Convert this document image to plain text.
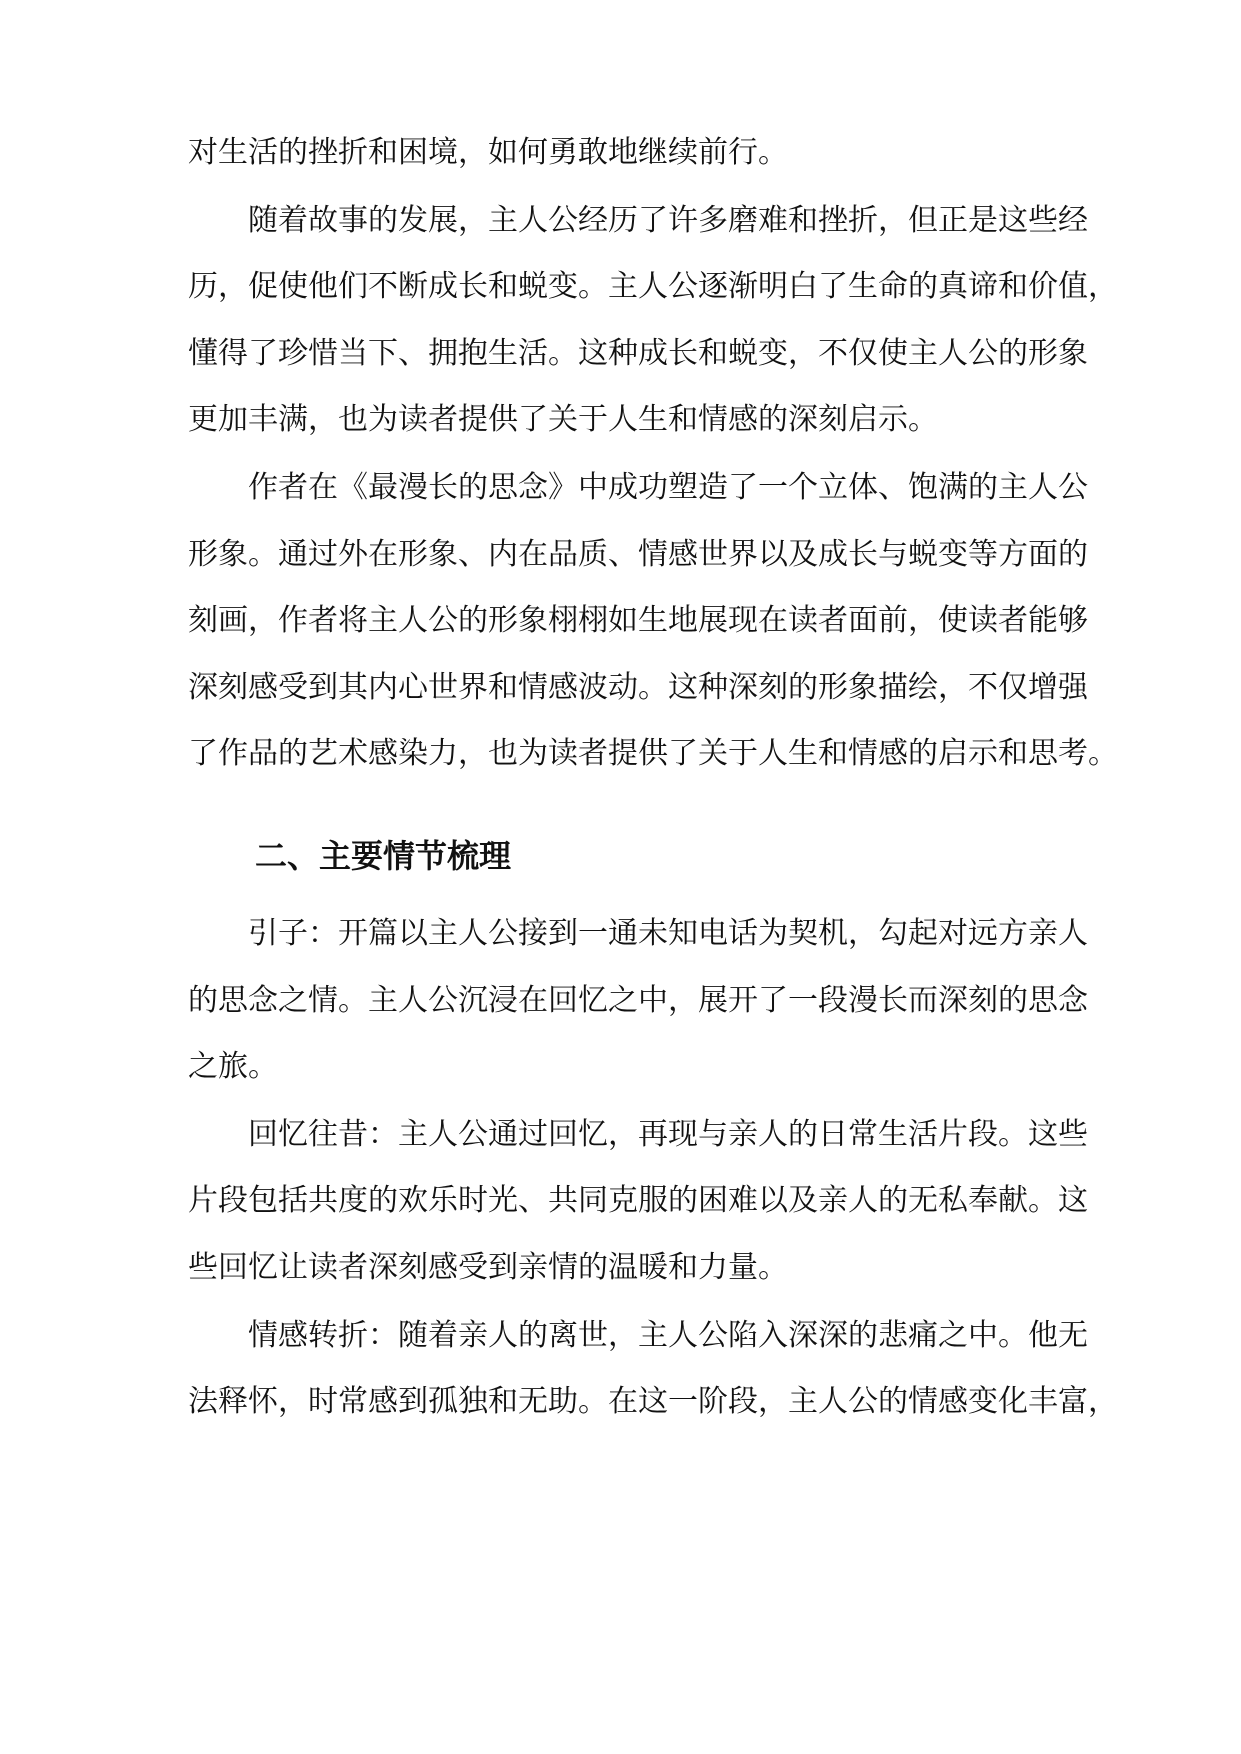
对生活的挫折和困境，如何勇敢地继续前行。

随着故事的发展，主人公经历了许多磨难和挫折，但正是这些经

历，促使他们不断成长和蜕变。主人公逐渐明白了生命的真谛和价值，

懂得了珍惜当下、拥抱生活。这种成长和蜕变，不仅使主人公的形象

更加丰满，也为读者提供了关于人生和情感的深刻启示。

作者在《最漫长的思念》中成功塑造了一个立体、饱满的主人公

形象。通过外在形象、内在品质、情感世界以及成长与蜕变等方面的

刻画，作者将主人公的形象栩栩如生地展现在读者面前，使读者能够

深刻感受到其内心世界和情感波动。这种深刻的形象描绘，不仅增强

了作品的艺术感染力，也为读者提供了关于人生和情感的启示和思考。

二、主要情节梳理

引子：开篇以主人公接到一通未知电话为契机，勾起对远方亲人

的思念之情。主人公沉浸在回忆之中，展开了一段漫长而深刻的思念

之旅。

回忆往昔：主人公通过回忆，再现与亲人的日常生活片段。这些

片段包括共度的欢乐时光、共同克服的困难以及亲人的无私奉献。这

些回忆让读者深刻感受到亲情的温暖和力量。

情感转折：随着亲人的离世，主人公陷入深深的悲痛之中。他无

法释怀，时常感到孤独和无助。在这一阶段，主人公的情感变化丰富，
